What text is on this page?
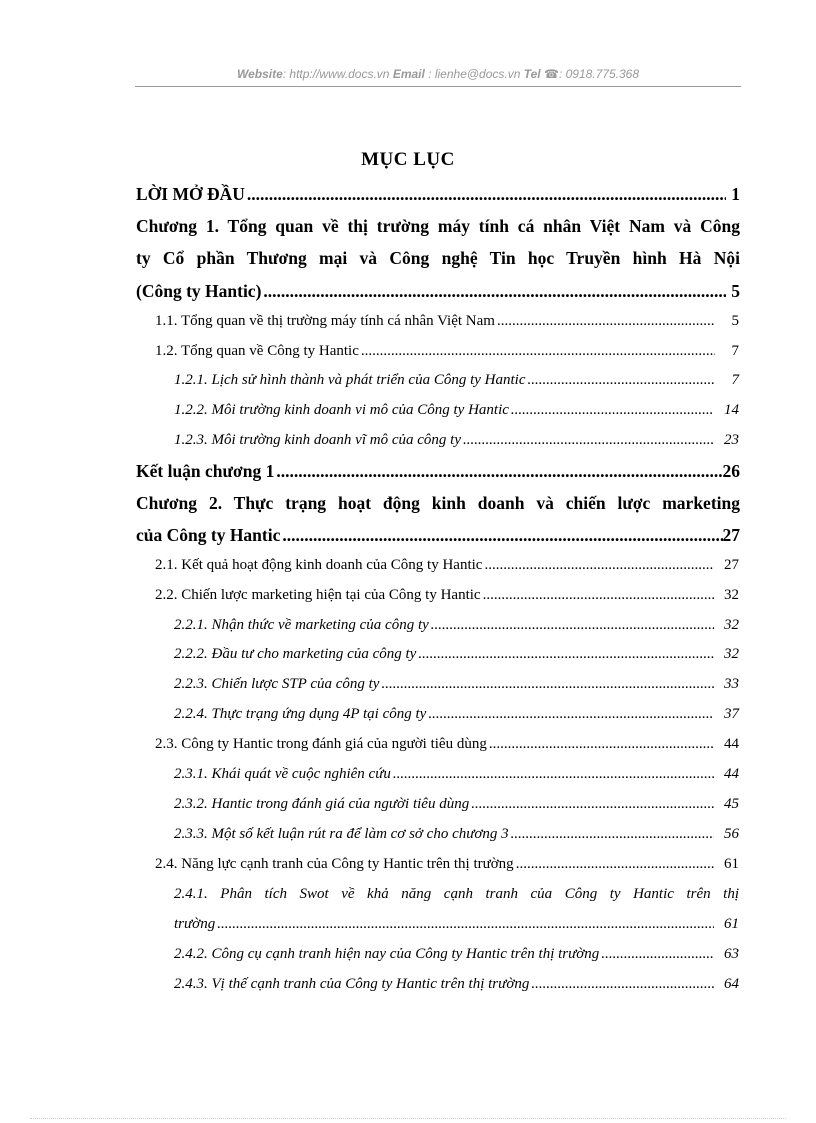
Website: http://www.docs.vn Email : lienhe@docs.vn Tel ☎: 0918.775.368
MỤC LỤC
LỜI MỞ ĐẦU .....	1
Chương 1. Tổng quan về thị trường máy tính cá nhân Việt Nam và Công
ty Cổ phần Thương mại và Công nghệ Tin học Truyền hình Hà Nội
(Công ty Hantic) .....	5
1.1. Tổng quan về thị trường máy tính cá nhân Việt Nam .....	5
1.2. Tổng quan về Công ty Hantic .....	7
1.2.1. Lịch sử hình thành và phát triển của Công ty Hantic .....	7
1.2.2. Môi trường kinh doanh vi mô của Công ty Hantic .....	14
1.2.3. Môi trường kinh doanh vĩ mô của công ty .....	23
Kết luận chương 1 .....	26
Chương 2. Thực trạng hoạt động kinh doanh và chiến lược marketing
của Công ty Hantic .....	27
2.1. Kết quả hoạt động kinh doanh của Công ty Hantic .....	27
2.2. Chiến lược marketing hiện tại của Công ty Hantic .....	32
2.2.1. Nhận thức về marketing của công ty .....	32
2.2.2. Đầu tư cho marketing của công ty .....	32
2.2.3. Chiến lược STP của công ty .....	33
2.2.4. Thực trạng ứng dụng 4P tại công ty .....	37
2.3. Công ty Hantic trong đánh giá của người tiêu dùng .....	44
2.3.1. Khái quát về cuộc nghiên cứu .....	44
2.3.2. Hantic trong đánh giá của người tiêu dùng .....	45
2.3.3. Một số kết luận rút ra để làm cơ sở cho chương 3 .....	56
2.4. Năng lực cạnh tranh của Công ty Hantic trên thị trường .....	61
2.4.1. Phân tích Swot về khả năng cạnh tranh của Công ty Hantic trên thị
trường .....	61
2.4.2. Công cụ cạnh tranh hiện nay của Công ty Hantic trên thị trường .....	63
2.4.3. Vị thế cạnh tranh của Công ty Hantic trên thị trường .....	64
